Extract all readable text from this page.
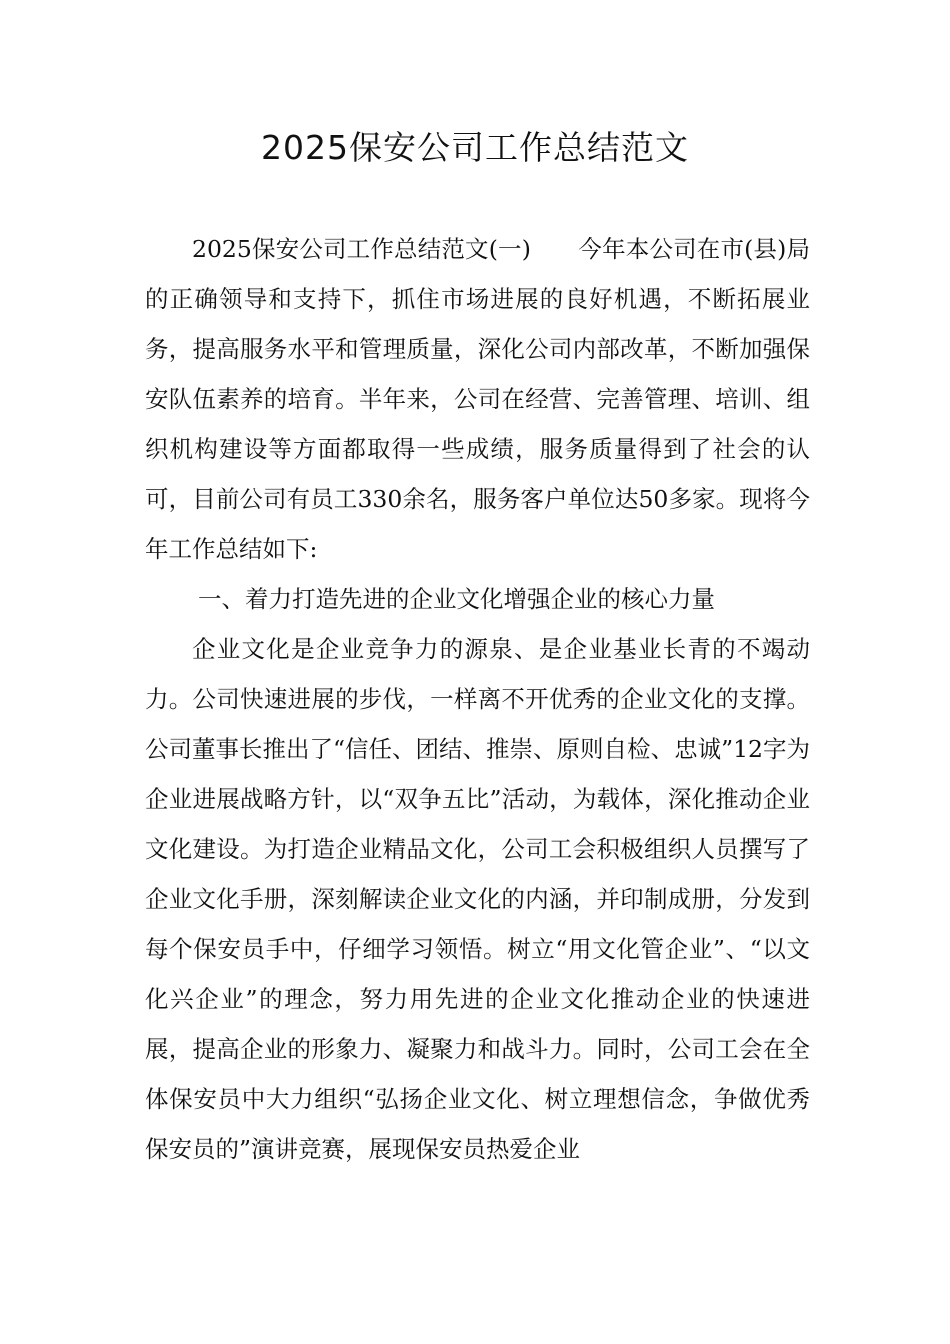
2025保安公司工作总结范文

2025保安公司工作总结范文(一)　　今年本公司在市(县)局的正确领导和支持下，抓住市场进展的良好机遇，不断拓展业务，提高服务水平和管理质量，深化公司内部改革，不断加强保安队伍素养的培育。半年来，公司在经营、完善管理、培训、组织机构建设等方面都取得一些成绩，服务质量得到了社会的认可，目前公司有员工330余名，服务客户单位达50多家。现将今年工作总结如下:

一、着力打造先进的企业文化增强企业的核心力量

企业文化是企业竞争力的源泉、是企业基业长青的不竭动力。公司快速进展的步伐，一样离不开优秀的企业文化的支撑。公司董事长推出了“信任、团结、推崇、原则自检、忠诚”12字为企业进展战略方针，以“双争五比”活动，为载体，深化推动企业文化建设。为打造企业精品文化，公司工会积极组织人员撰写了企业文化手册，深刻解读企业文化的内涵，并印制成册，分发到每个保安员手中，仔细学习领悟。树立“用文化管企业”、“以文化兴企业”的理念，努力用先进的企业文化推动企业的快速进展，提高企业的形象力、凝聚力和战斗力。同时，公司工会在全体保安员中大力组织“弘扬企业文化、树立理想信念，争做优秀保安员的”演讲竞赛，展现保安员热爱企业
